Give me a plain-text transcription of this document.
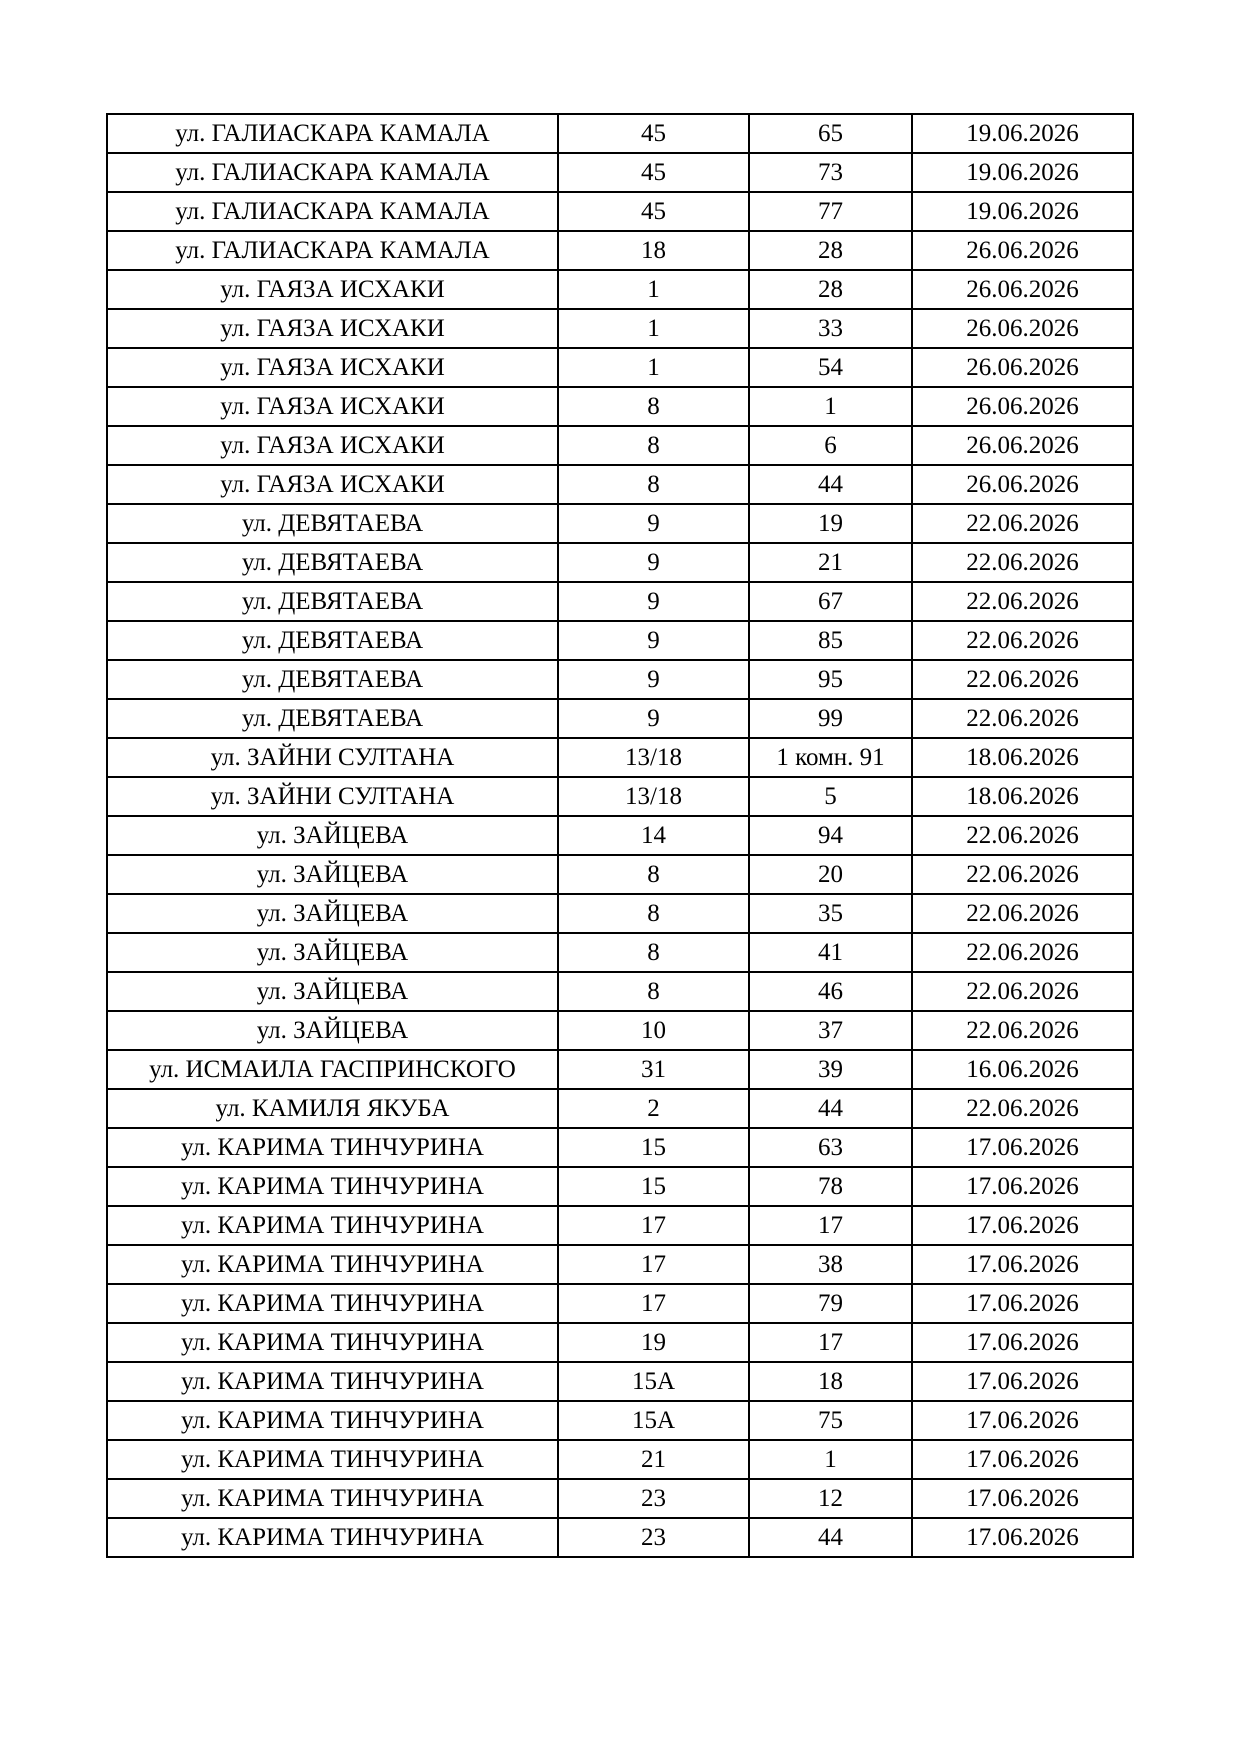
ул. ГАЛИАСКАРА КАМАЛА	45	65	19.06.2026
ул. ГАЛИАСКАРА КАМАЛА	45	73	19.06.2026
ул. ГАЛИАСКАРА КАМАЛА	45	77	19.06.2026
ул. ГАЛИАСКАРА КАМАЛА	18	28	26.06.2026
ул. ГАЯЗА ИСХАКИ	1	28	26.06.2026
ул. ГАЯЗА ИСХАКИ	1	33	26.06.2026
ул. ГАЯЗА ИСХАКИ	1	54	26.06.2026
ул. ГАЯЗА ИСХАКИ	8	1	26.06.2026
ул. ГАЯЗА ИСХАКИ	8	6	26.06.2026
ул. ГАЯЗА ИСХАКИ	8	44	26.06.2026
ул. ДЕВЯТАЕВА	9	19	22.06.2026
ул. ДЕВЯТАЕВА	9	21	22.06.2026
ул. ДЕВЯТАЕВА	9	67	22.06.2026
ул. ДЕВЯТАЕВА	9	85	22.06.2026
ул. ДЕВЯТАЕВА	9	95	22.06.2026
ул. ДЕВЯТАЕВА	9	99	22.06.2026
ул. ЗАЙНИ СУЛТАНА	13/18	1 комн. 91	18.06.2026
ул. ЗАЙНИ СУЛТАНА	13/18	5	18.06.2026
ул. ЗАЙЦЕВА	14	94	22.06.2026
ул. ЗАЙЦЕВА	8	20	22.06.2026
ул. ЗАЙЦЕВА	8	35	22.06.2026
ул. ЗАЙЦЕВА	8	41	22.06.2026
ул. ЗАЙЦЕВА	8	46	22.06.2026
ул. ЗАЙЦЕВА	10	37	22.06.2026
ул. ИСМАИЛА ГАСПРИНСКОГО	31	39	16.06.2026
ул. КАМИЛЯ ЯКУБА	2	44	22.06.2026
ул. КАРИМА ТИНЧУРИНА	15	63	17.06.2026
ул. КАРИМА ТИНЧУРИНА	15	78	17.06.2026
ул. КАРИМА ТИНЧУРИНА	17	17	17.06.2026
ул. КАРИМА ТИНЧУРИНА	17	38	17.06.2026
ул. КАРИМА ТИНЧУРИНА	17	79	17.06.2026
ул. КАРИМА ТИНЧУРИНА	19	17	17.06.2026
ул. КАРИМА ТИНЧУРИНА	15А	18	17.06.2026
ул. КАРИМА ТИНЧУРИНА	15А	75	17.06.2026
ул. КАРИМА ТИНЧУРИНА	21	1	17.06.2026
ул. КАРИМА ТИНЧУРИНА	23	12	17.06.2026
ул. КАРИМА ТИНЧУРИНА	23	44	17.06.2026
